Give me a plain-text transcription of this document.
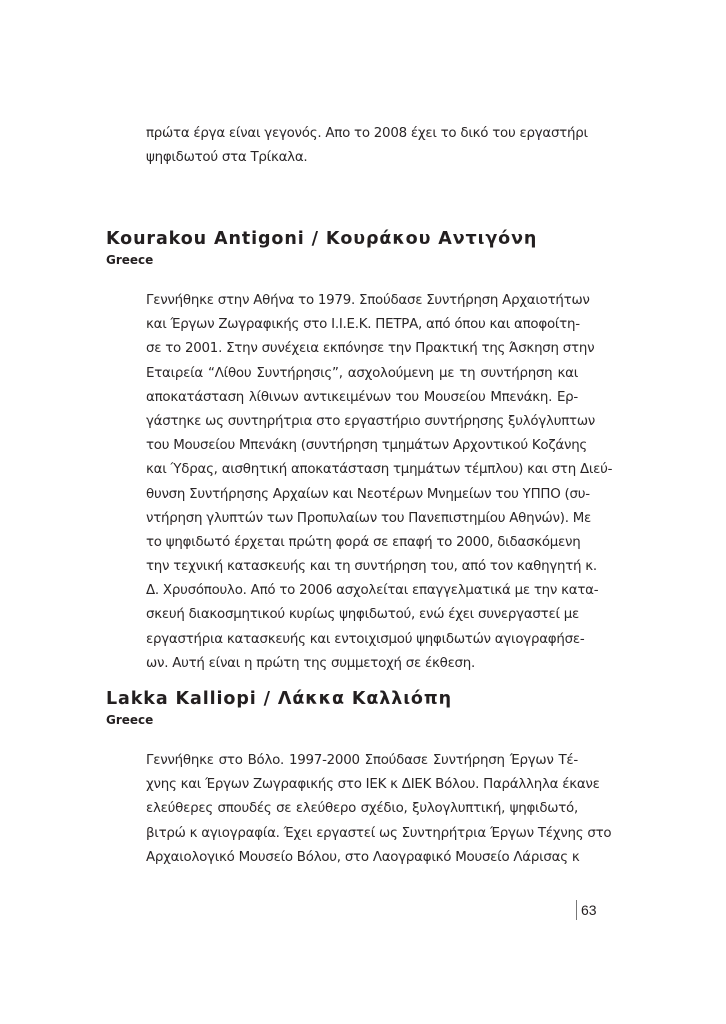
πρώτα έργα είναι γεγονός. Απο το 2008 έχει το δικό του εργαστήρι
ψηφιδωτού στα Τρίκαλα.
Kourakou Antigoni / Κουράκου Αντιγόνη
Greece
Γεννήθηκε στην Αθήνα το 1979. Σπούδασε Συντήρηση Αρχαιοτήτων
και Έργων Ζωγραφικής στο Ι.Ι.Ε.Κ. ΠΕΤΡΑ, από όπου και αποφοίτη-
σε το 2001. Στην συνέχεια εκπόνησε την Πρακτική της Άσκηση στην
Εταιρεία “Λίθου Συντήρησις”, ασχολούμενη με τη συντήρηση και
αποκατάσταση λίθινων αντικειμένων του Μουσείου Μπενάκη. Ερ-
γάστηκε ως συντηρήτρια στο εργαστήριο συντήρησης ξυλόγλυπτων
του Μουσείου Μπενάκη (συντήρηση τμημάτων Αρχοντικού Κοζάνης
και Ύδρας, αισθητική αποκατάσταση τμημάτων τέμπλου) και στη Διεύ-
θυνση Συντήρησης Αρχαίων και Νεοτέρων Μνημείων του ΥΠΠΟ (συ-
ντήρηση γλυπτών των Προπυλαίων του Πανεπιστημίου Αθηνών). Με
το ψηφιδωτό έρχεται πρώτη φορά σε επαφή το 2000, διδασκόμενη
την τεχνική κατασκευής και τη συντήρηση του, από τον καθηγητή κ.
Δ. Χρυσόπουλο. Από το 2006 ασχολείται επαγγελματικά με την κατα-
σκευή διακοσμητικού κυρίως ψηφιδωτού, ενώ έχει συνεργαστεί με
εργαστήρια κατασκευής και εντοιχισμού ψηφιδωτών αγιογραφήσε-
ων. Αυτή είναι η πρώτη της συμμετοχή σε έκθεση.
Lakka Kalliopi / Λάκκα Καλλιόπη
Greece
Γεννήθηκε στο Βόλο. 1997-2000 Σπούδασε Συντήρηση Έργων Τέ-
χνης και Έργων Ζωγραφικής στο ΙΕΚ κ ΔΙΕΚ Βόλου. Παράλληλα έκανε
ελεύθερες σπουδές σε ελεύθερο σχέδιο, ξυλογλυπτική, ψηφιδωτό,
βιτρώ κ αγιογραφία. Έχει εργαστεί ως Συντηρήτρια Έργων Τέχνης στο
Αρχαιολογικό Μουσείο Βόλου, στο Λαογραφικό Μουσείο Λάρισας κ
63
